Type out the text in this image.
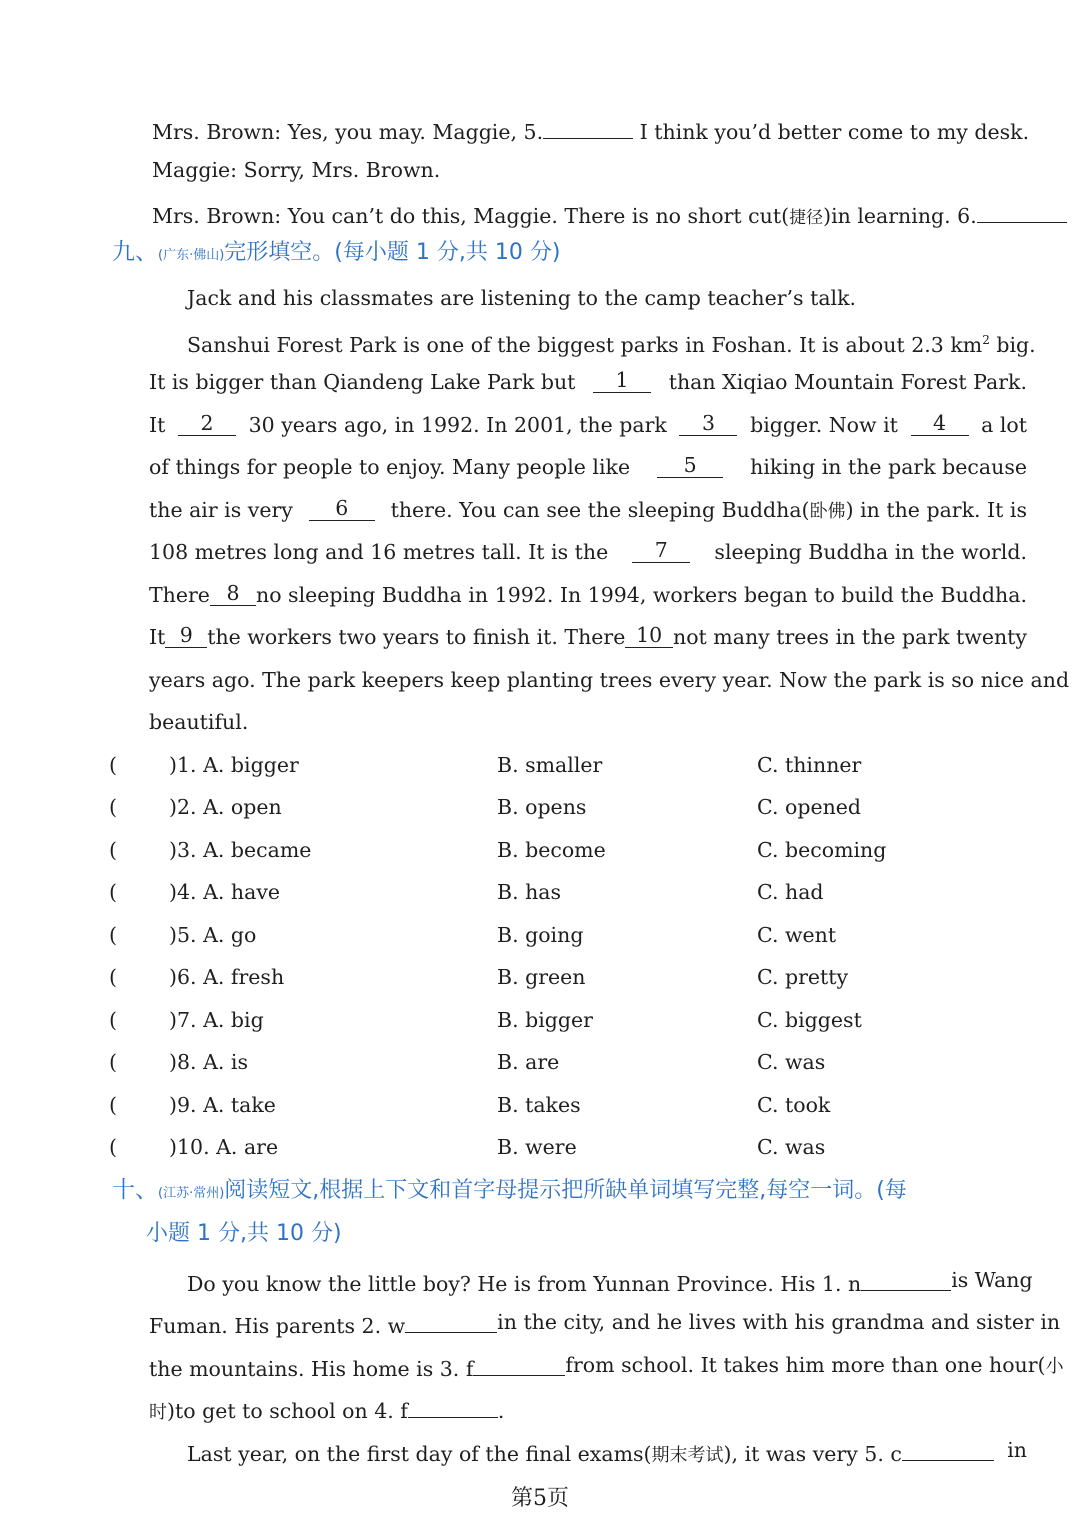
Mrs. Brown: Yes, you may. Maggie, 5.	I think you’d better come to my desk.
Maggie: Sorry, Mrs. Brown.
Mrs. Brown: You can’t do this, Maggie. There is no short cut(捷径)in learning. 6.
九、(广东·佛山)完形填空。(每小题 1 分,共 10 分)
Jack and his classmates are listening to the camp teacher’s talk.
Sanshui Forest Park is one of the biggest parks in Foshan. It is about 2.3 $km^2$ big.
It is bigger than Qiandeng Lake Park but	1	than Xiqiao Mountain Forest Park.
It	2	30 years ago, in 1992. In 2001, the park	3	bigger. Now it	4	a lot
of things for people to enjoy. Many people like	5	hiking in the park because
the air is very	6	there. You can see the sleeping Buddha(卧佛) in the park. It is
108 metres long and 16 metres tall. It is the	7	sleeping Buddha in the world.
There 8 no sleeping Buddha in 1992. In 1994, workers began to build the Buddha.
It 9 the workers two years to finish it. There 10 not many trees in the park twenty
years ago. The park keepers keep planting trees every year. Now the park is so nice and
beautiful.
(	)1. A. bigger	B. smaller	C. thinner
(	)2. A. open	B. opens	C. opened
(	)3. A. became	B. become	C. becoming
(	)4. A. have	B. has	C. had
(	)5. A. go	B. going	C. went
(	)6. A. fresh	B. green	C. pretty
(	)7. A. big	B. bigger	C. biggest
(	)8. A. is	B. are	C. was
(	)9. A. take	B. takes	C. took
(	)10. A. are	B. were	C. was
十、(江苏·常州)阅读短文,根据上下文和首字母提示把所缺单词填写完整,每空一词。(每
小题 1 分,共 10 分)
Do you know the little boy? He is from Yunnan Province. His 1. n	is Wang
Fuman. His parents 2. w	in the city, and he lives with his grandma and sister in
the mountains. His home is 3. f	from school. It takes him more than one hour(小
时)to get to school on 4. f	.
Last year, on the first day of the final exams(期末考试), it was very 5. c	in
第5页
